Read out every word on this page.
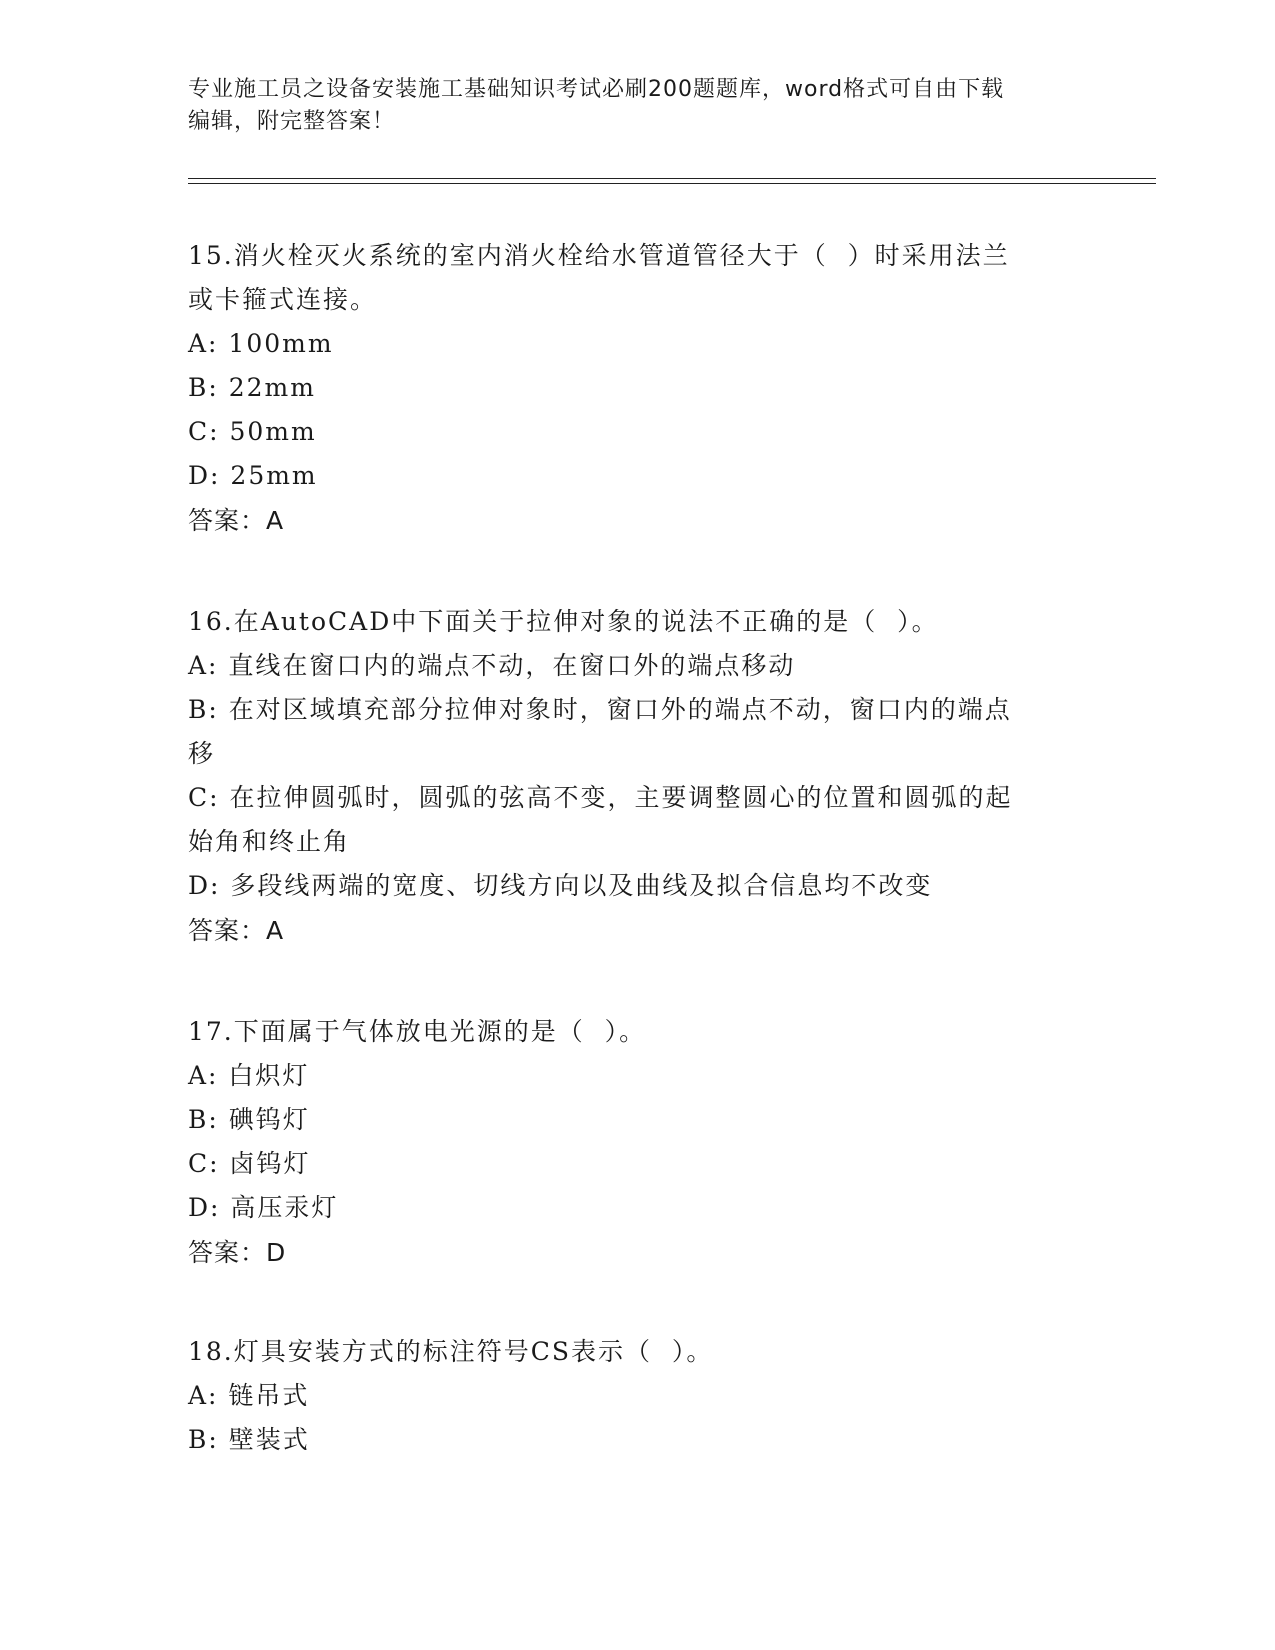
专业施工员之设备安装施工基础知识考试必刷200题题库，word格式可自由下载
编辑，附完整答案！
15.消火栓灭火系统的室内消火栓给水管道管径大于（  ）时采用法兰
或卡箍式连接。
A: 100mm
B: 22mm
C: 50mm
D: 25mm
答案：A
16.在AutoCAD中下面关于拉伸对象的说法不正确的是（  ）。
A: 直线在窗口内的端点不动，在窗口外的端点移动
B: 在对区域填充部分拉伸对象时，窗口外的端点不动，窗口内的端点
移
C: 在拉伸圆弧时，圆弧的弦高不变，主要调整圆心的位置和圆弧的起
始角和终止角
D: 多段线两端的宽度、切线方向以及曲线及拟合信息均不改变
答案：A
17.下面属于气体放电光源的是（  ）。
A: 白炽灯
B: 碘钨灯
C: 卤钨灯
D: 高压汞灯
答案：D
18.灯具安装方式的标注符号CS表示（  ）。
A: 链吊式
B: 壁装式
